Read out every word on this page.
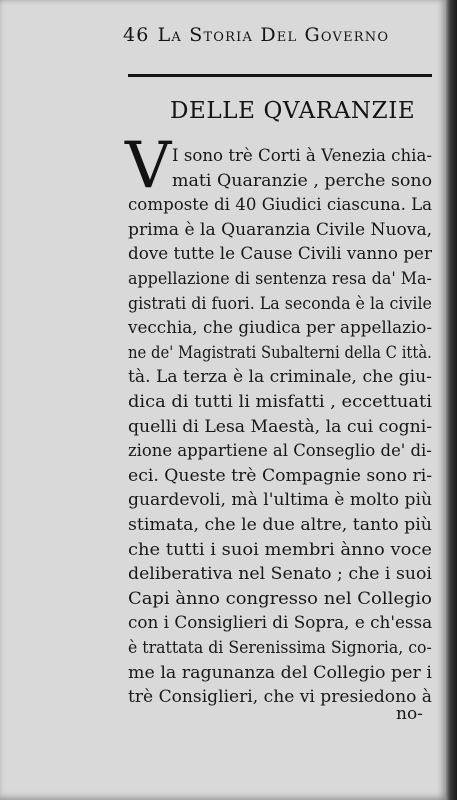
46 La Storia Del Governo
DELLE QVARANZIE
V I sono trè Corti à Venezia chia-
mati Quaranzie , perche sono
composte di 40 Giudici ciascuna. La
prima è la Quaranzia Civile Nuova,
dove tutte le Cause Civili vanno per
appellazione di sentenza resa da' Ma-
gistrati di fuori. La seconda è la civile
vecchia, che giudica per appellazio-
ne de' Magistrati Subalterni della C ittà.
tà. La terza è la criminale, che giu-
dica di tutti li misfatti , eccettuati
quelli di Lesa Maestà, la cui cogni-
zione appartiene al Conseglio de' di-
eci. Queste trè Compagnie sono ri-
guardevoli, mà l'ultima è molto più
stimata, che le due altre, tanto più
che tutti i suoi membri ànno voce
deliberativa nel Senato ; che i suoi
Capi ànno congresso nel Collegio
con i Consiglieri di Sopra, e ch'essa
è trattata di Serenissima Signoria, co-
me la ragunanza del Collegio per i
trè Consiglieri, che vi presiedono à
no-
